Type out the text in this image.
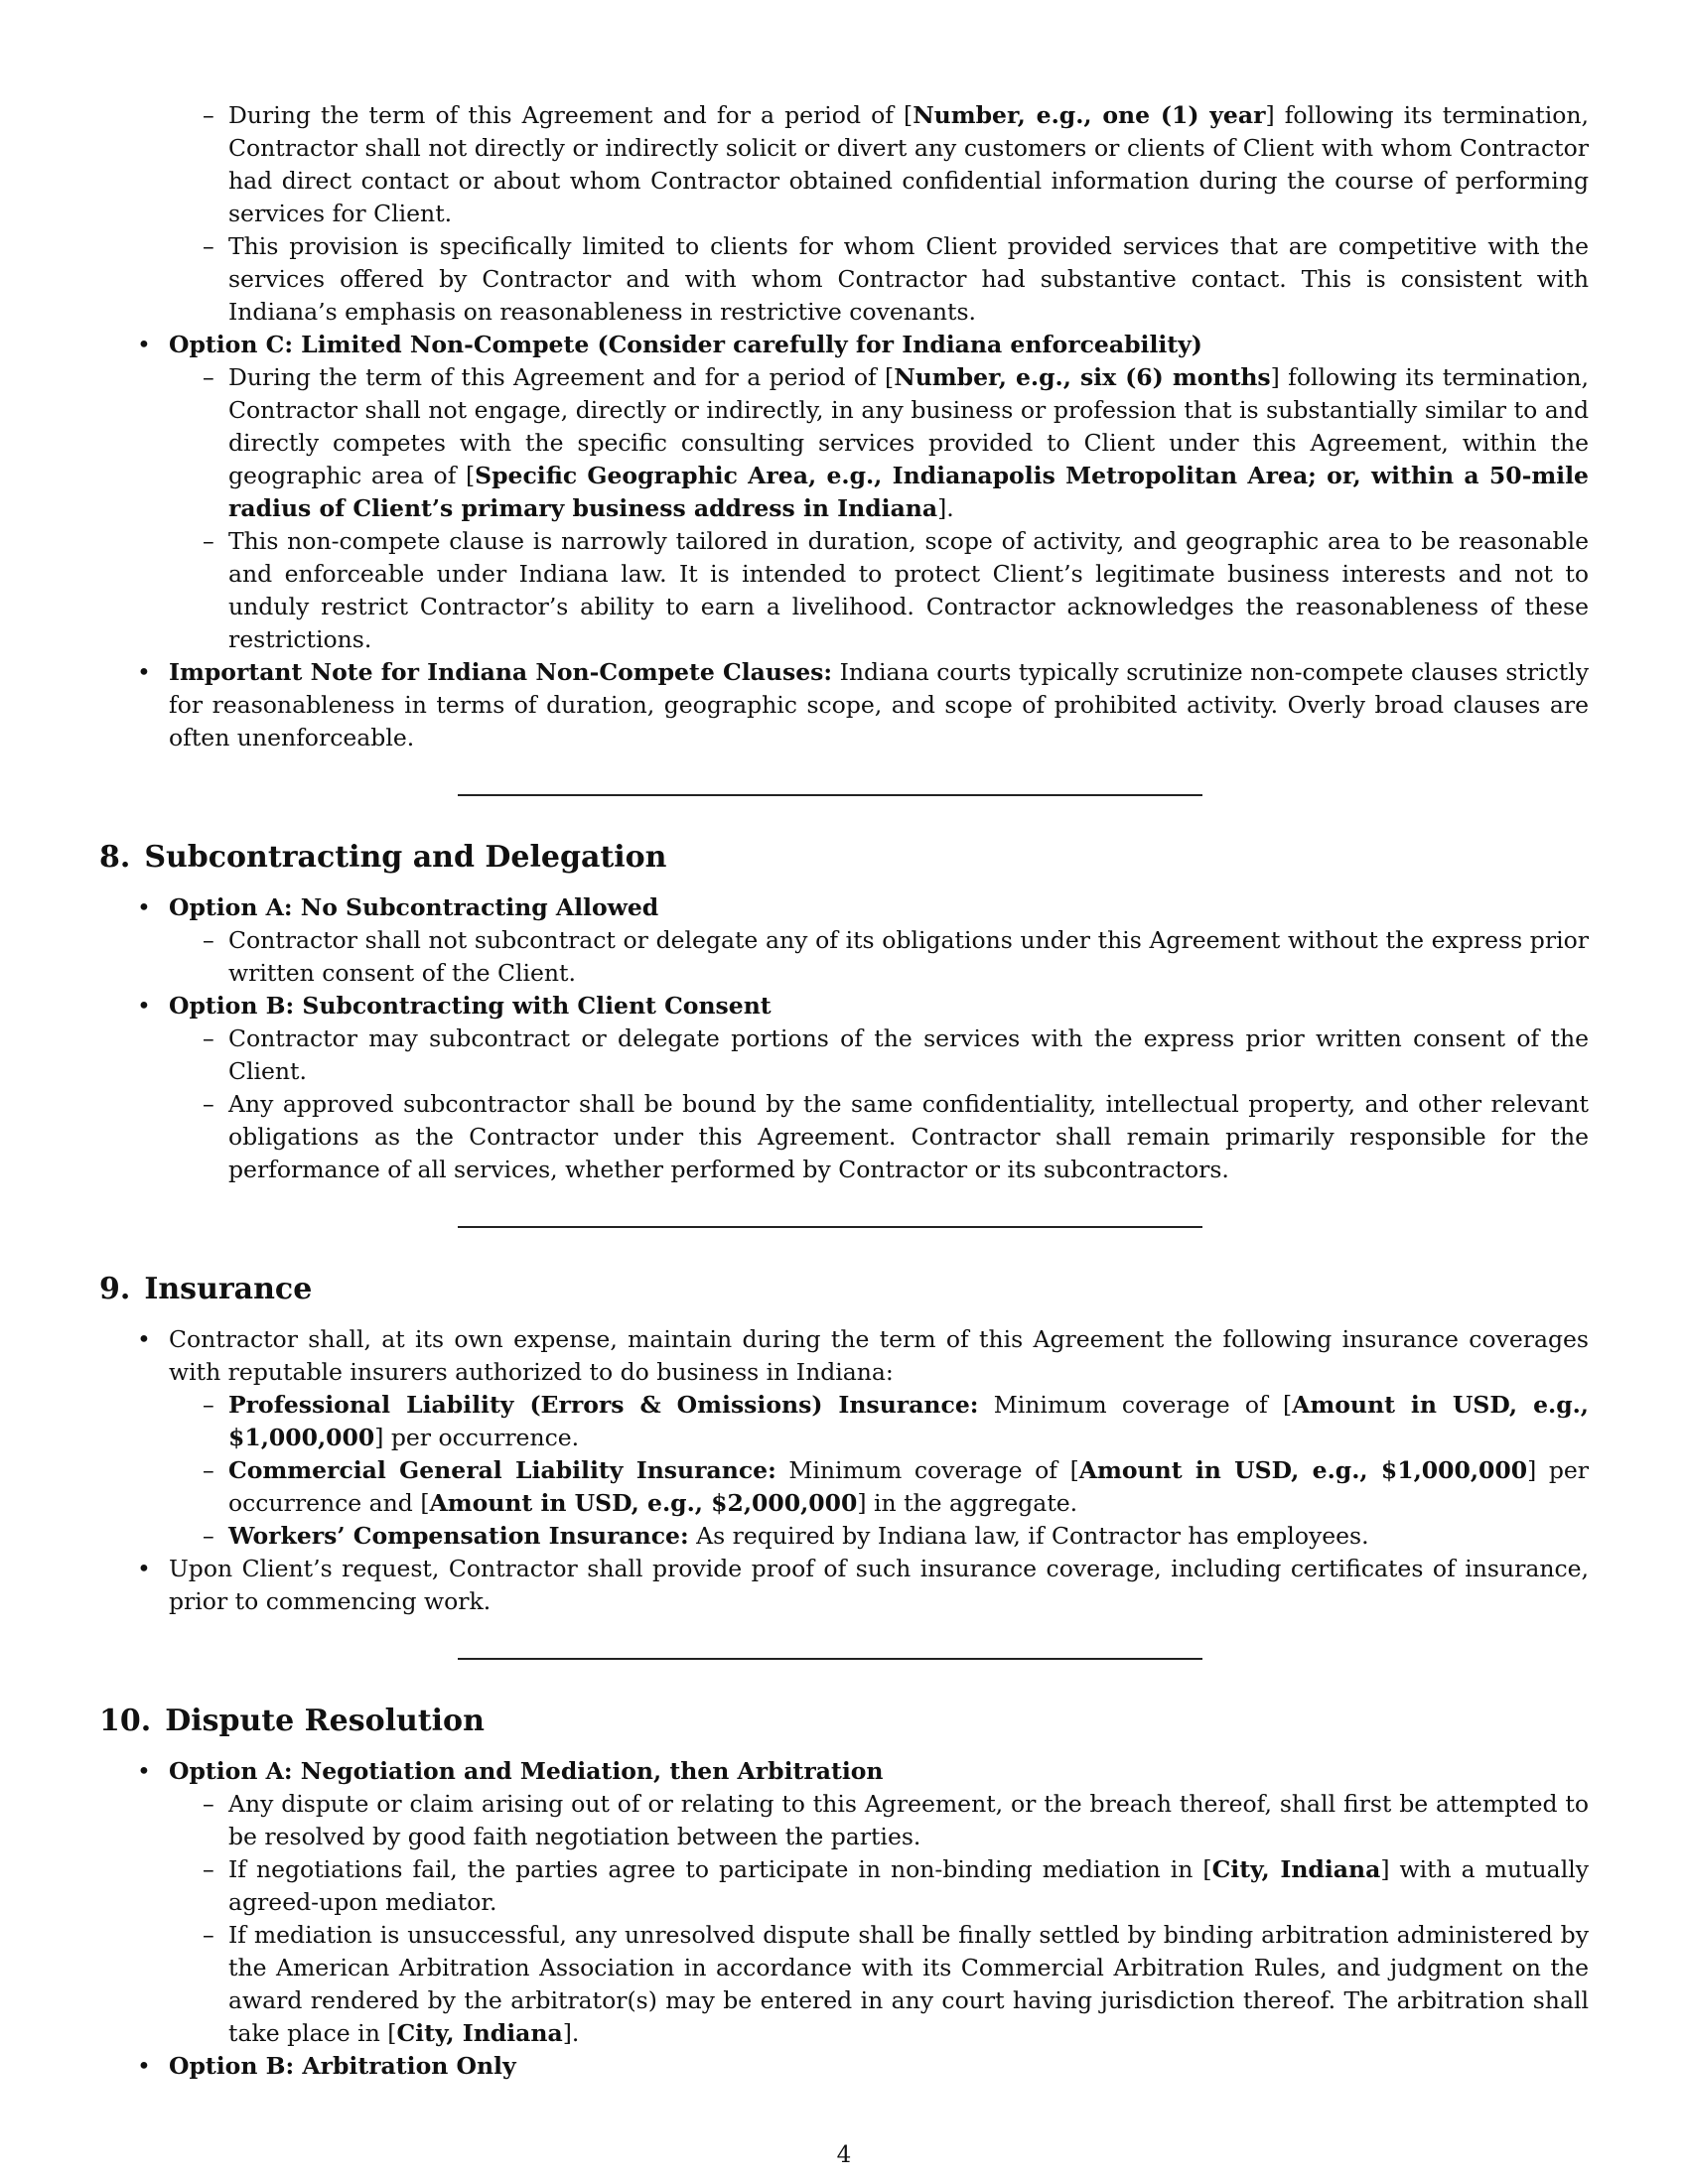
– During the term of this Agreement and for a period of [Number, e.g., one (1) year] following its termination, Contractor shall not directly or indirectly solicit or divert any customers or clients of Client with whom Contractor had direct contact or about whom Contractor obtained confidential information during the course of performing services for Client.
– This provision is specifically limited to clients for whom Client provided services that are competitive with the services offered by Contractor and with whom Contractor had substantive contact. This is consistent with Indiana’s emphasis on reasonableness in restrictive covenants.
• Option C: Limited Non-Compete (Consider carefully for Indiana enforceability)
– During the term of this Agreement and for a period of [Number, e.g., six (6) months] following its termination, Contractor shall not engage, directly or indirectly, in any business or profession that is substantially similar to and directly competes with the specific consulting services provided to Client under this Agreement, within the geographic area of [Specific Geographic Area, e.g., Indianapolis Metropolitan Area; or, within a 50-mile radius of Client’s primary business address in Indiana].
– This non-compete clause is narrowly tailored in duration, scope of activity, and geographic area to be reasonable and enforceable under Indiana law. It is intended to protect Client’s legitimate business interests and not to unduly restrict Contractor’s ability to earn a livelihood. Contractor acknowledges the reasonableness of these restrictions.
• Important Note for Indiana Non-Compete Clauses: Indiana courts typically scrutinize non-compete clauses strictly for reasonableness in terms of duration, geographic scope, and scope of prohibited activity. Overly broad clauses are often unenforceable.
8. Subcontracting and Delegation
• Option A: No Subcontracting Allowed
– Contractor shall not subcontract or delegate any of its obligations under this Agreement without the express prior written consent of the Client.
• Option B: Subcontracting with Client Consent
– Contractor may subcontract or delegate portions of the services with the express prior written consent of the Client.
– Any approved subcontractor shall be bound by the same confidentiality, intellectual property, and other relevant obligations as the Contractor under this Agreement. Contractor shall remain primarily responsible for the performance of all services, whether performed by Contractor or its subcontractors.
9. Insurance
• Contractor shall, at its own expense, maintain during the term of this Agreement the following insurance coverages with reputable insurers authorized to do business in Indiana:
– Professional Liability (Errors & Omissions) Insurance: Minimum coverage of [Amount in USD, e.g., $1,000,000] per occurrence.
– Commercial General Liability Insurance: Minimum coverage of [Amount in USD, e.g., $1,000,000] per occurrence and [Amount in USD, e.g., $2,000,000] in the aggregate.
– Workers’ Compensation Insurance: As required by Indiana law, if Contractor has employees.
• Upon Client’s request, Contractor shall provide proof of such insurance coverage, including certificates of insurance, prior to commencing work.
10. Dispute Resolution
• Option A: Negotiation and Mediation, then Arbitration
– Any dispute or claim arising out of or relating to this Agreement, or the breach thereof, shall first be attempted to be resolved by good faith negotiation between the parties.
– If negotiations fail, the parties agree to participate in non-binding mediation in [City, Indiana] with a mutually agreed-upon mediator.
– If mediation is unsuccessful, any unresolved dispute shall be finally settled by binding arbitration administered by the American Arbitration Association in accordance with its Commercial Arbitration Rules, and judgment on the award rendered by the arbitrator(s) may be entered in any court having jurisdiction thereof. The arbitration shall take place in [City, Indiana].
• Option B: Arbitration Only
4
